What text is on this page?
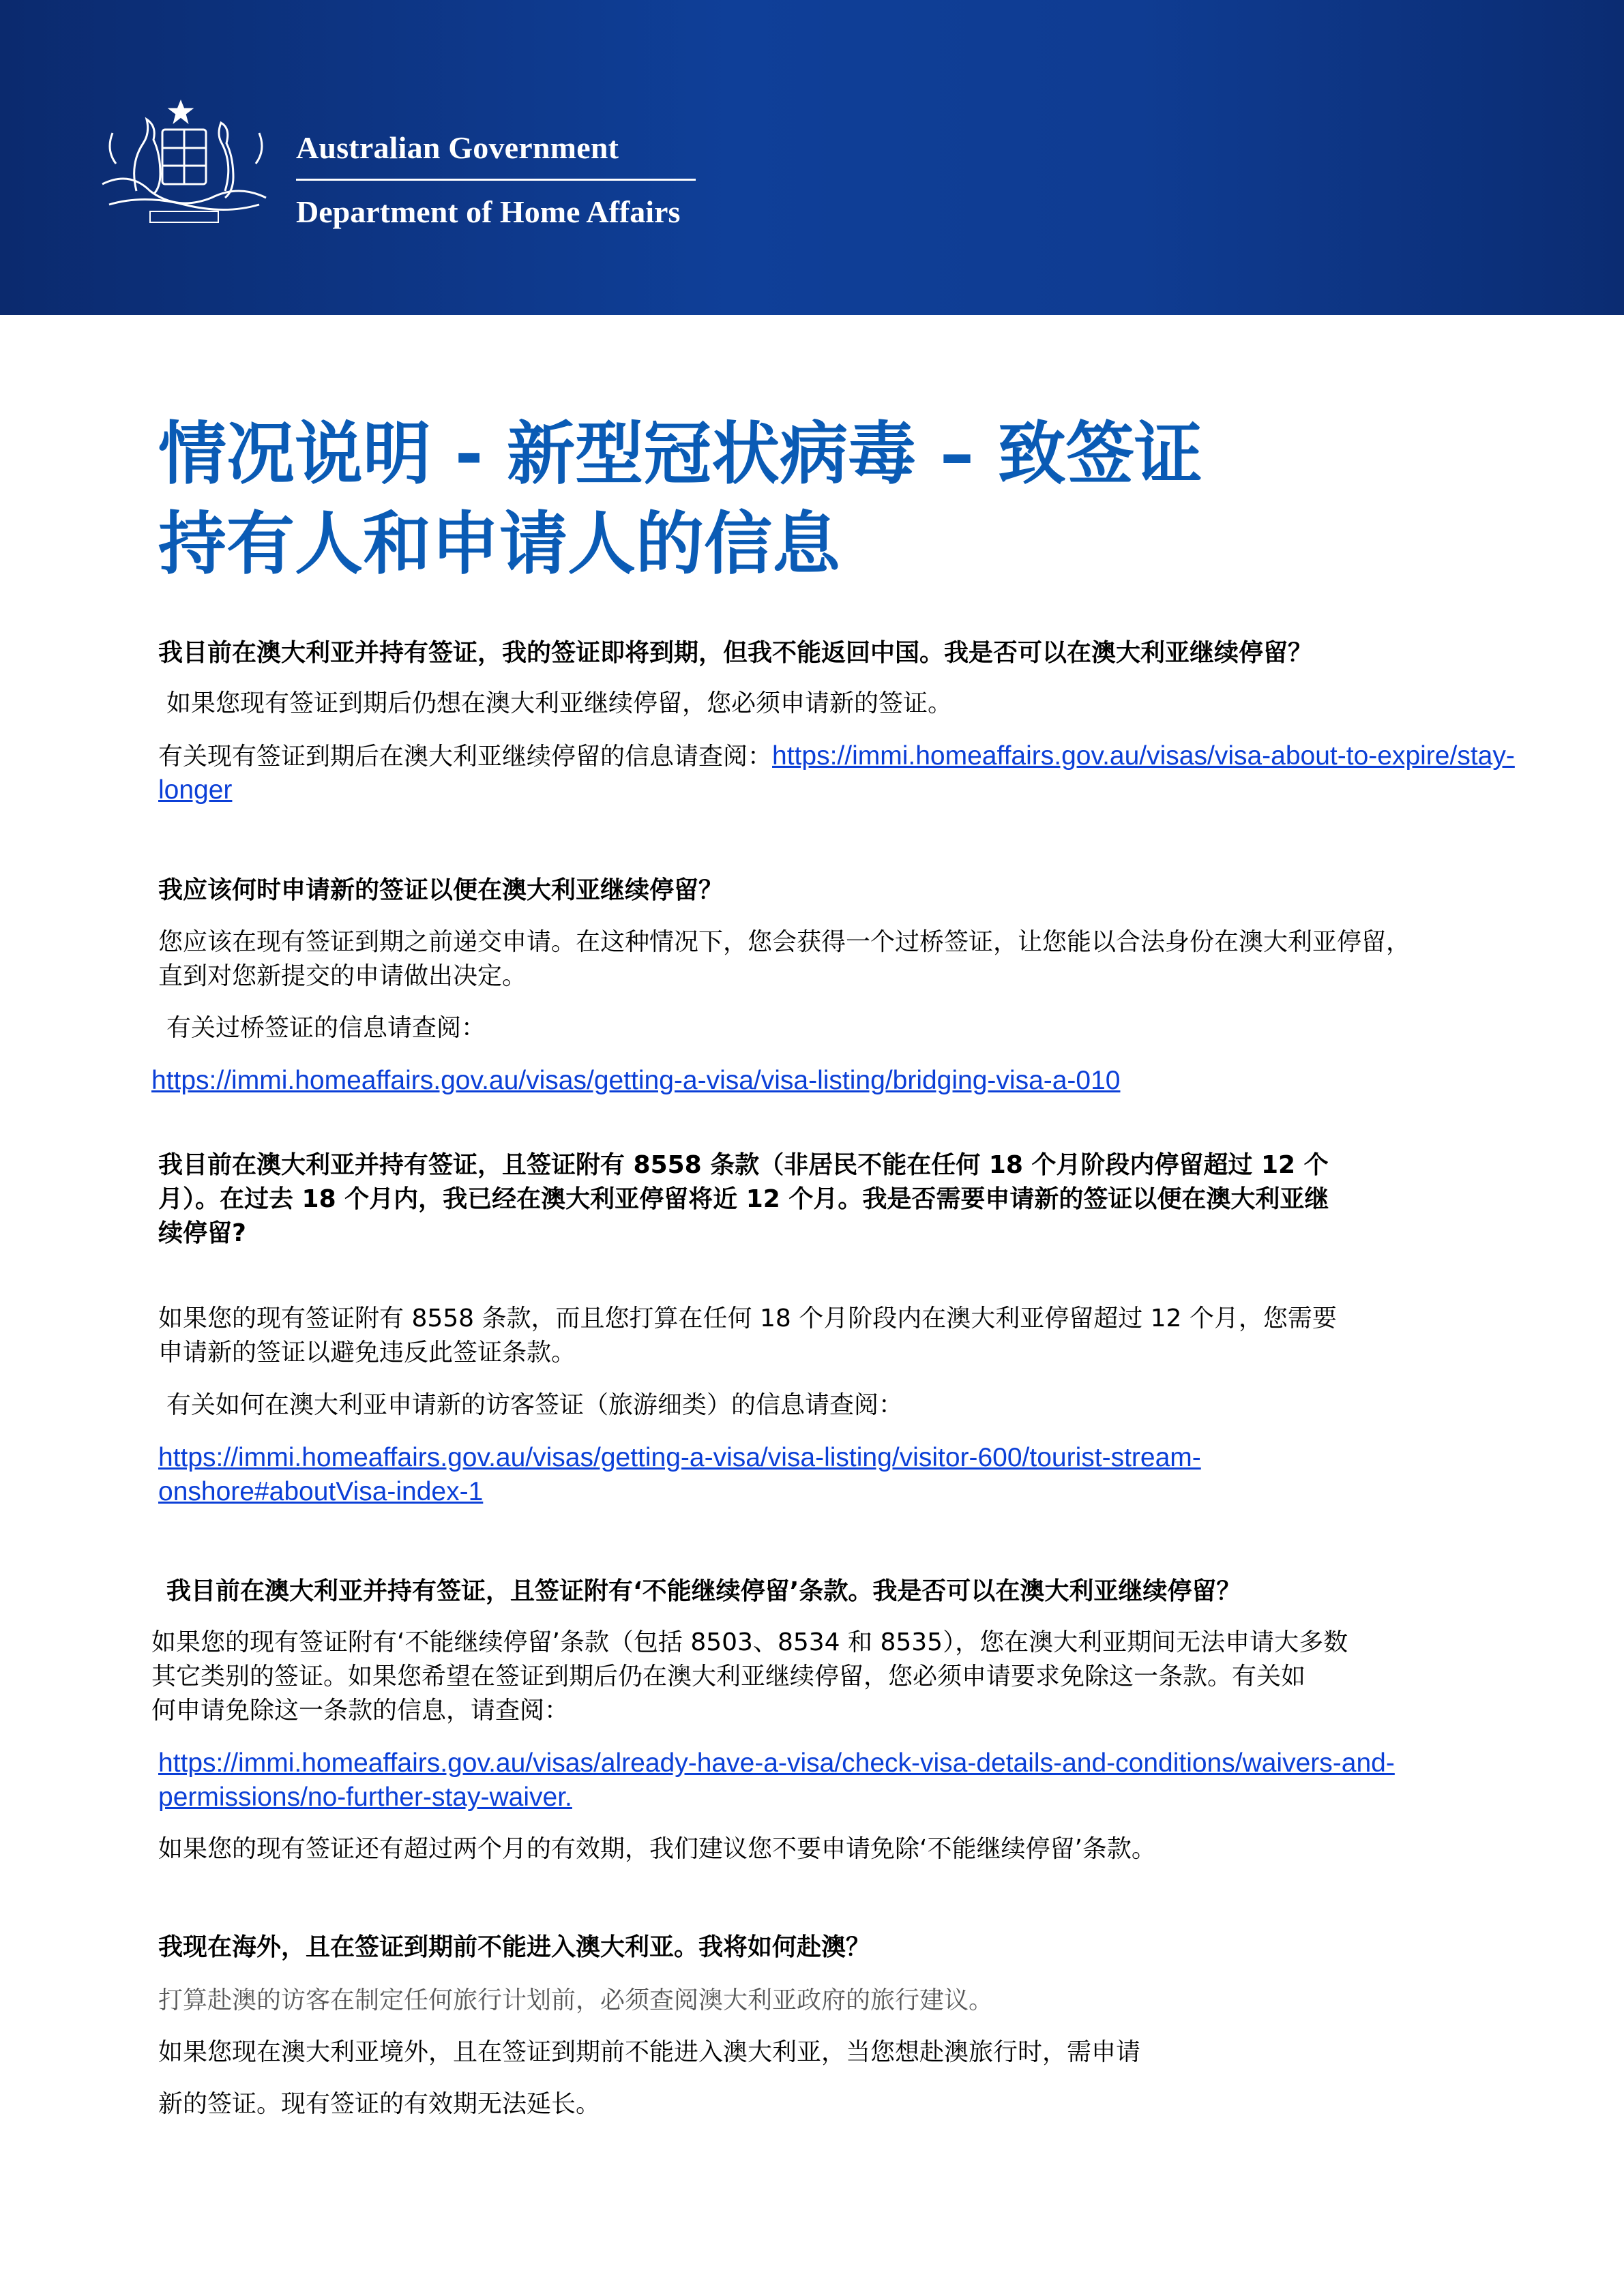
Australian Government
Department of Home Affairs
情况说明 - 新型冠状病毒 – 致签证
持有人和申请人的信息
我目前在澳大利亚并持有签证，我的签证即将到期，但我不能返回中国。我是否可以在澳大利亚继续停留？
如果您现有签证到期后仍想在澳大利亚继续停留，您必须申请新的签证。
有关现有签证到期后在澳大利亚继续停留的信息请查阅：https://immi.homeaffairs.gov.au/visas/visa-about-to-expire/stay-
longer
我应该何时申请新的签证以便在澳大利亚继续停留？
您应该在现有签证到期之前递交申请。在这种情况下，您会获得一个过桥签证，让您能以合法身份在澳大利亚停留，
直到对您新提交的申请做出决定。
有关过桥签证的信息请查阅：
https://immi.homeaffairs.gov.au/visas/getting-a-visa/visa-listing/bridging-visa-a-010
我目前在澳大利亚并持有签证，且签证附有 8558 条款（非居民不能在任何 18 个月阶段内停留超过 12 个
月）。在过去 18 个月内，我已经在澳大利亚停留将近 12 个月。我是否需要申请新的签证以便在澳大利亚继
续停留?
如果您的现有签证附有 8558 条款，而且您打算在任何 18 个月阶段内在澳大利亚停留超过 12 个月，您需要
申请新的签证以避免违反此签证条款。
有关如何在澳大利亚申请新的访客签证（旅游细类）的信息请查阅：
https://immi.homeaffairs.gov.au/visas/getting-a-visa/visa-listing/visitor-600/tourist-stream-
onshore#aboutVisa-index-1
我目前在澳大利亚并持有签证，且签证附有‘不能继续停留’条款。我是否可以在澳大利亚继续停留？
如果您的现有签证附有‘不能继续停留’条款（包括 8503、8534 和 8535），您在澳大利亚期间无法申请大多数
其它类别的签证。如果您希望在签证到期后仍在澳大利亚继续停留，您必须申请要求免除这一条款。有关如
何申请免除这一条款的信息，请查阅：
https://immi.homeaffairs.gov.au/visas/already-have-a-visa/check-visa-details-and-conditions/waivers-and-
permissions/no-further-stay-waiver.
如果您的现有签证还有超过两个月的有效期，我们建议您不要申请免除‘不能继续停留’条款。
我现在海外，且在签证到期前不能进入澳大利亚。我将如何赴澳？
打算赴澳的访客在制定任何旅行计划前，必须查阅澳大利亚政府的旅行建议。
如果您现在澳大利亚境外，且在签证到期前不能进入澳大利亚，当您想赴澳旅行时，需申请
新的签证。现有签证的有效期无法延长。
